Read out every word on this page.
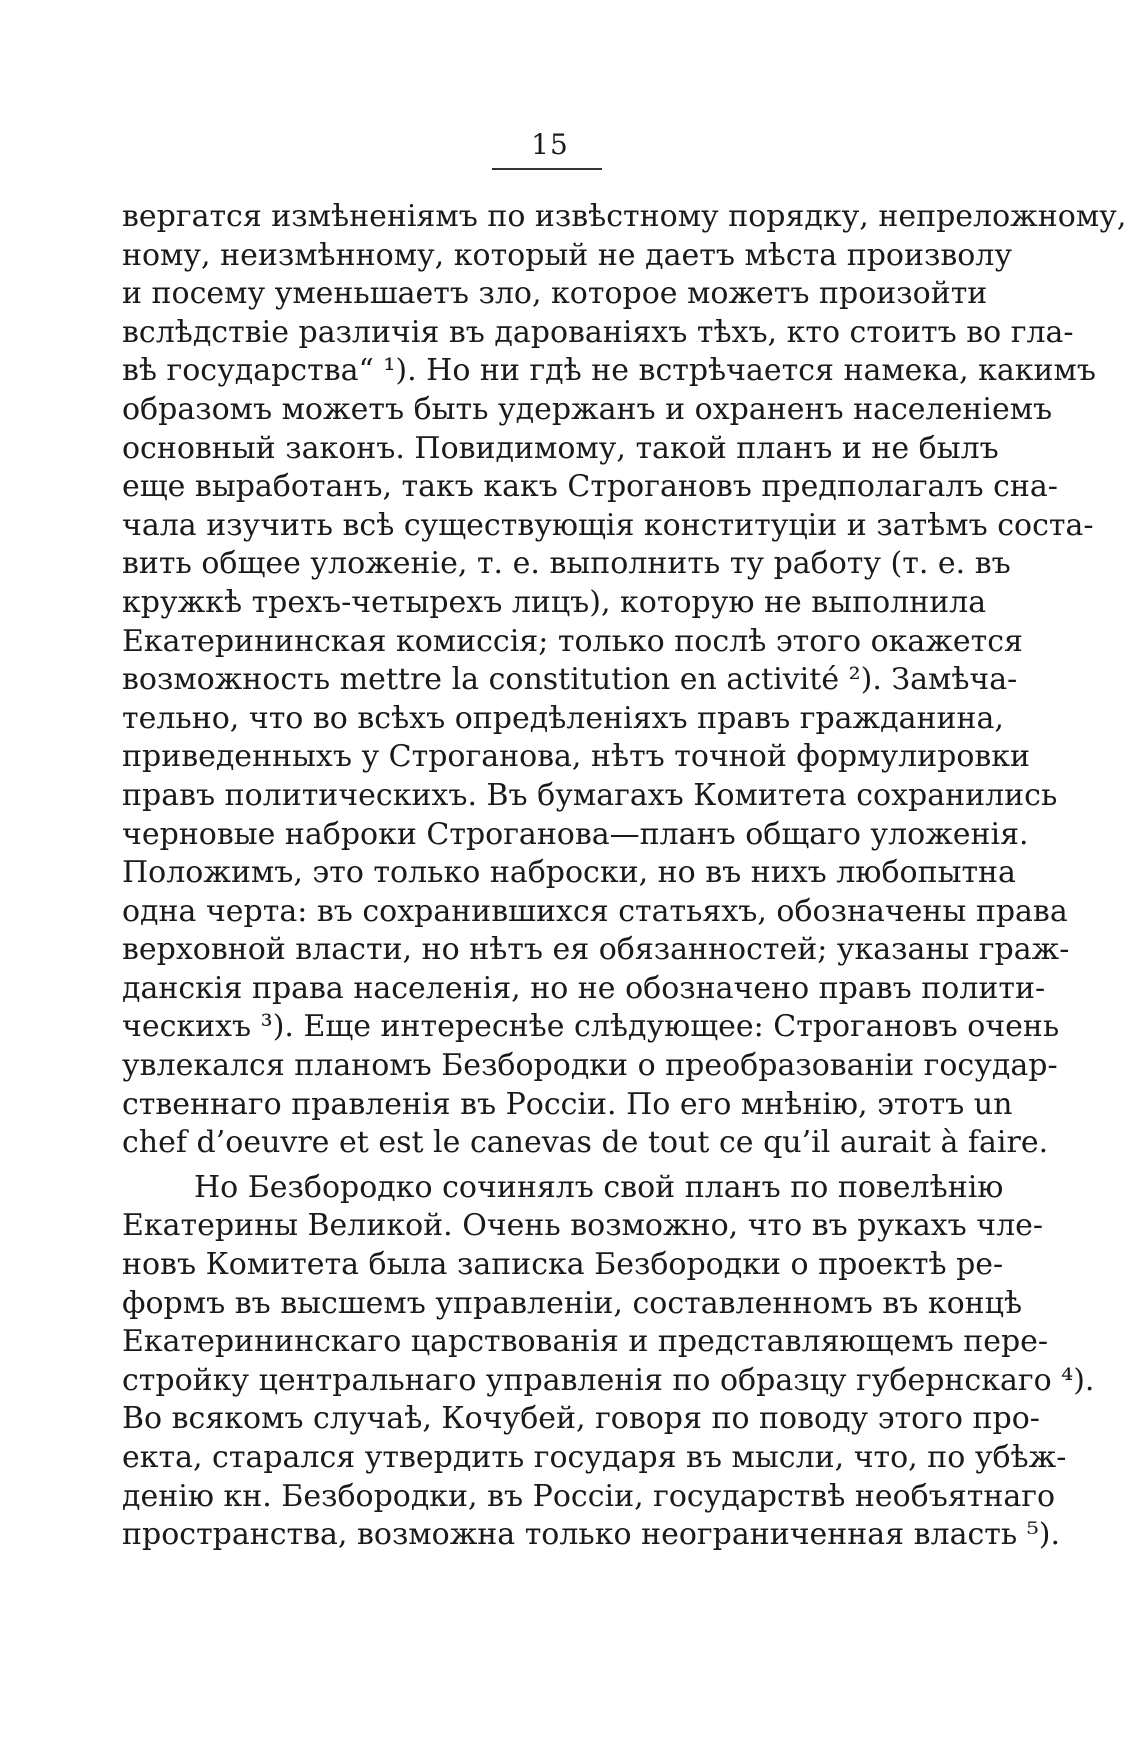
15
вергатся измѣненіямъ по извѣстному порядку, непреложному,
ному, неизмѣнному, который не даетъ мѣста произволу
и посему уменьшаетъ зло, которое можетъ произойти
вслѣдствіе различія въ дарованіяхъ тѣхъ, кто стоитъ во гла-
вѣ государства“ ¹). Но ни гдѣ не встрѣчается намека, какимъ
образомъ можетъ быть удержанъ и охраненъ населеніемъ
основный законъ. Повидимому, такой планъ и не былъ
еще выработанъ, такъ какъ Строгановъ предполагалъ сна-
чала изучить всѣ существующія конституціи и затѣмъ соста-
вить общее уложеніе, т. е. выполнить ту работу (т. е. въ
кружкѣ трехъ-четырехъ лицъ), которую не выполнила
Екатерининская комиссія; только послѣ этого окажется
возможность mettre la constitution en activité ²). Замѣча-
тельно, что во всѣхъ опредѣленіяхъ правъ гражданина,
приведенныхъ у Строганова, нѣтъ точной формулировки
правъ политическихъ. Въ бумагахъ Комитета сохранились
черновые наброки Строганова—планъ общаго уложенія.
Положимъ, это только наброски, но въ нихъ любопытна
одна черта: въ сохранившихся статьяхъ, обозначены права
верховной власти, но нѣтъ ея обязанностей; указаны граж-
данскія права населенія, но не обозначено правъ полити-
ческихъ ³). Еще интереснѣе слѣдующее: Строгановъ очень
увлекался планомъ Безбородки о преобразованіи государ-
ственнаго правленія въ Россіи. По его мнѣнію, этотъ un
chef d’oeuvre et est le canevas de tout ce qu’il aurait à faire.
Но Безбородко сочинялъ свой планъ по повелѣнію
Екатерины Великой. Очень возможно, что въ рукахъ чле-
новъ Комитета была записка Безбородки о проектѣ ре-
формъ въ высшемъ управленіи, составленномъ въ концѣ
Екатерининскаго царствованія и представляющемъ пере-
стройку центральнаго управленія по образцу губернскаго ⁴).
Во всякомъ случаѣ, Кочубей, говоря по поводу этого про-
екта, старался утвердить государя въ мысли, что, по убѣж-
денію кн. Безбородки, въ Россіи, государствѣ необъятнаго
пространства, возможна только неограниченная власть ⁵).
